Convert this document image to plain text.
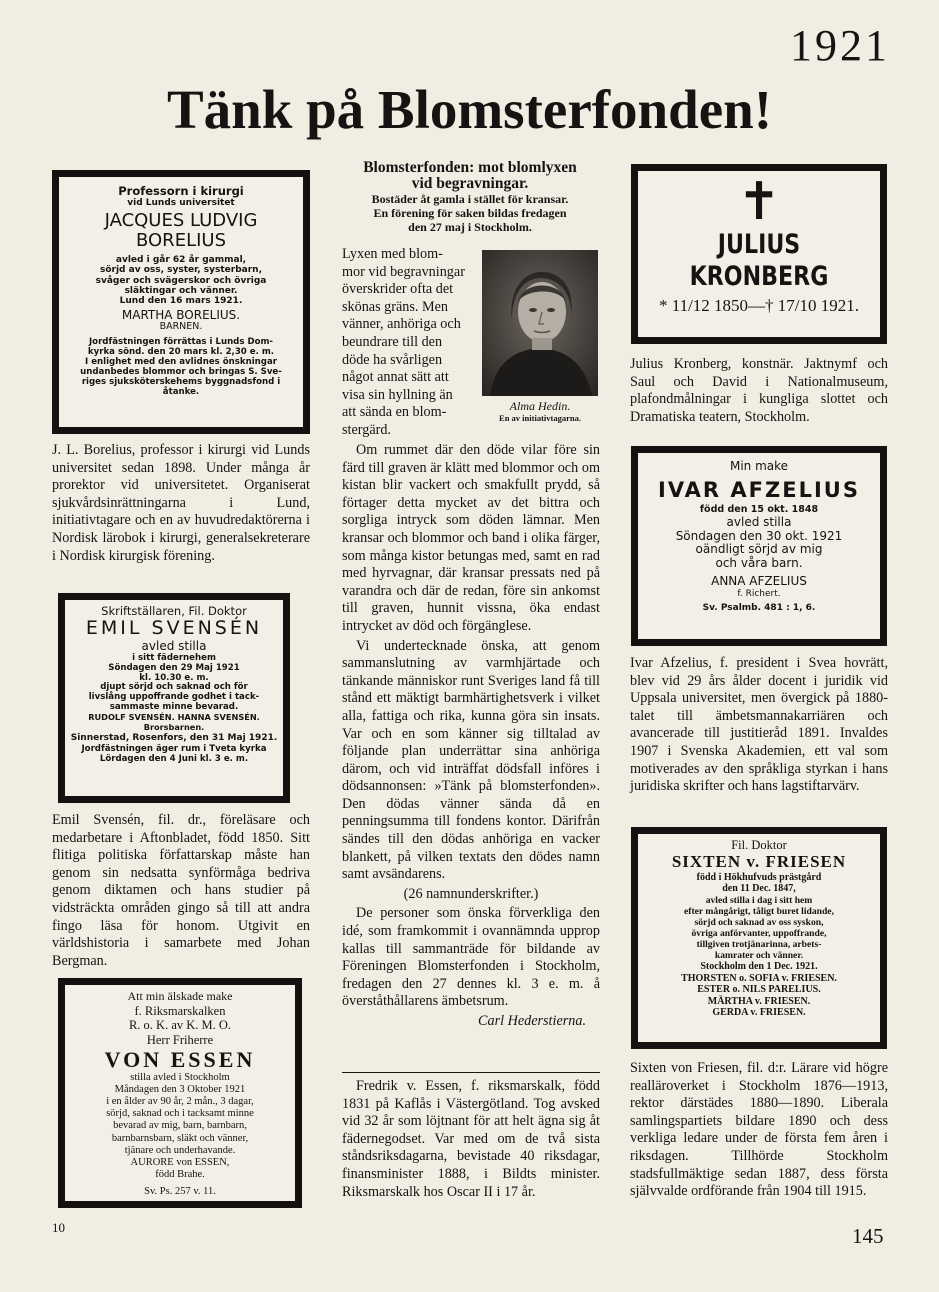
1921
Tänk på Blomsterfonden!
Professorn i kirurgi
vid Lunds universitet
JACQUES LUDVIG
BORELIUS
avled i går 62 år gammal,
sörjd av oss, syster, systerbarn,
svåger och svägerskor och övriga
släktingar och vänner.
Lund den 16 mars 1921.
MARTHA BORELIUS.
BARNEN.
Jordfästningen förrättas i Lunds Dom-
kyrka sönd. den 20 mars kl. 2,30 e. m.
I enlighet med den avlidnes önskningar
undanbedes blommor och bringas S. Sve-
riges sjuksköterskehems byggnadsfond i
åtanke.
J. L. Borelius, professor i kirurgi vid Lunds universitet sedan 1898. Under många år prorektor vid universitetet. Organiserat sjukvårdsinrättningarna i Lund, initiativtagare och en av huvudredaktörerna i Nordisk lärobok i kirurgi, generalsekreterare i Nordisk kirurgisk förening.
Skriftställaren, Fil. Doktor
EMIL SVENSÉN
avled stilla
i sitt fädernehem
Söndagen den 29 Maj 1921
kl. 10.30 e. m.
djupt sörjd och saknad och för
livslång uppoffrande godhet i tack-
sammaste minne bevarad.
RUDOLF SVENSÉN. HANNA SVENSÉN.
Brorsbarnen.
Sinnerstad, Rosenfors, den 31 Maj 1921.
Jordfästningen äger rum i Tveta kyrka
Lördagen den 4 Juni kl. 3 e. m.
Emil Svensén, fil. dr., föreläsare och medarbetare i Aftonbladet, född 1850. Sitt flitiga politiska författarskap måste han genom sin nedsatta synförmåga bedriva genom diktamen och hans studier på vidsträckta områden gingo så till att andra fingo läsa för honom. Utgivit en världshistoria i samarbete med Johan Bergman.
Att min älskade make
f. Riksmarskalken
R. o. K. av K. M. O.
Herr Friherre
VON ESSEN
stilla avled i Stockholm
Måndagen den 3 Oktober 1921
i en ålder av 90 år, 2 mån., 3 dagar,
sörjd, saknad och i tacksamt minne
bevarad av mig, barn, barnbarn,
barnbarnsbarn, släkt och vänner,
tjänare och underhavande.
AURORE von ESSEN,
född Brahe.
Sv. Ps. 257 v. 11.
Blomsterfonden: mot blomlyxen
vid begravningar.
Bostäder åt gamla i stället för kransar.
En förening för saken bildas fredagen
den 27 maj i Stockholm.
Lyxen med blom-
mor vid begravningar
överskrider ofta det
skönas gräns. Men
vänner, anhöriga och
beundrare till den
döde ha svårligen
något annat sätt att
visa sin hyllning än
att sända en blom-
stergärd.
Alma Hedin.
En av initiativtagarna.

Om rummet där den döde vilar före sin färd till graven är klätt med blommor och om kistan blir vackert och smakfullt prydd, så förtager detta mycket av det bittra och sorgliga intryck som döden lämnar. Men kransar och blommor och band i olika färger, som många kistor betungas med, samt en rad med hyrvagnar, där kransar pressats ned på varandra och där de redan, före sin ankomst till graven, hunnit vissna, öka endast intrycket av död och förgänglese.

Vi undertecknade önska, att genom sammanslutning av varmhjärtade och tänkande människor runt Sveriges land få till stånd ett mäktigt barmhärtighetsverk i vilket alla, fattiga och rika, kunna göra sin insats. Var och en som känner sig tilltalad av följande plan underrättar sina anhöriga därom, och vid inträffat dödsfall införes i dödsannonsen: »Tänk på blomsterfonden». Den dödas vänner sända då en penningsumma till fondens kontor. Därifrån sändes till den dödas anhöriga en vacker blankett, på vilken textats den dödes namn samt avsändarens.

(26 namnunderskrifter.)

De personer som önska förverkliga den idé, som framkommit i ovannämnda upprop kallas till sammanträde för bildande av Föreningen Blomsterfonden i Stockholm, fredagen den 27 dennes kl. 3 e. m. å överståthållarens ämbetsrum.

Carl Hederstierna.

Fredrik v. Essen, f. riksmarskalk, född 1831 på Kaflås i Västergötland. Tog avsked vid 32 år som löjtnant för att helt ägna sig åt fädernegodset. Var med om de två sista ståndsriksdagarna, bevistade 40 riksdagar, finansminister 1888, i Bildts minister. Riksmarskalk hos Oscar II i 17 år.
✝
JULIUS KRONBERG
* 11/12 1850—† 17/10 1921.
Julius Kronberg, konstnär. Jaktnymf och Saul och David i Nationalmuseum, plafondmålningar i kungliga slottet och Dramatiska teatern, Stockholm.
Min make
IVAR AFZELIUS
född den 15 okt. 1848
avled stilla
Söndagen den 30 okt. 1921
oändligt sörjd av mig
och våra barn.
ANNA AFZELIUS
f. Richert.
Sv. Psalmb. 481 : 1, 6.
Ivar Afzelius, f. president i Svea hovrätt, blev vid 29 års ålder docent i juridik vid Uppsala universitet, men övergick på 1880-talet till ämbetsmannakarriären och avancerade till justitieråd 1891. Invaldes 1907 i Svenska Akademien, ett val som motiverades av den språkliga styrkan i hans juridiska skrifter och hans lagstiftarvärv.
Fil. Doktor
SIXTEN v. FRIESEN
född i Hökhufvuds prästgård
den 11 Dec. 1847,
avled stilla i dag i sitt hem
efter mångårigt, tåligt buret lidande,
sörjd och saknad av oss syskon,
övriga anförvanter, uppoffrande,
tillgiven trotjänarinna, arbets-
kamrater och vänner.
Stockholm den 1 Dec. 1921.
THORSTEN o. SOFIA v. FRIESEN.
ESTER o. NILS PARELIUS.
MÄRTHA v. FRIESEN.
GERDA v. FRIESEN.
Sixten von Friesen, fil. d:r. Lärare vid högre realläroverket i Stockholm 1876—1913, rektor därstädes 1880—1890. Liberala samlingspartiets bildare 1890 och dess verkliga ledare under de första fem åren i riksdagen. Tillhörde Stockholm stadsfullmäktige sedan 1887, dess första självvalde ordförande från 1904 till 1915.
10	145
